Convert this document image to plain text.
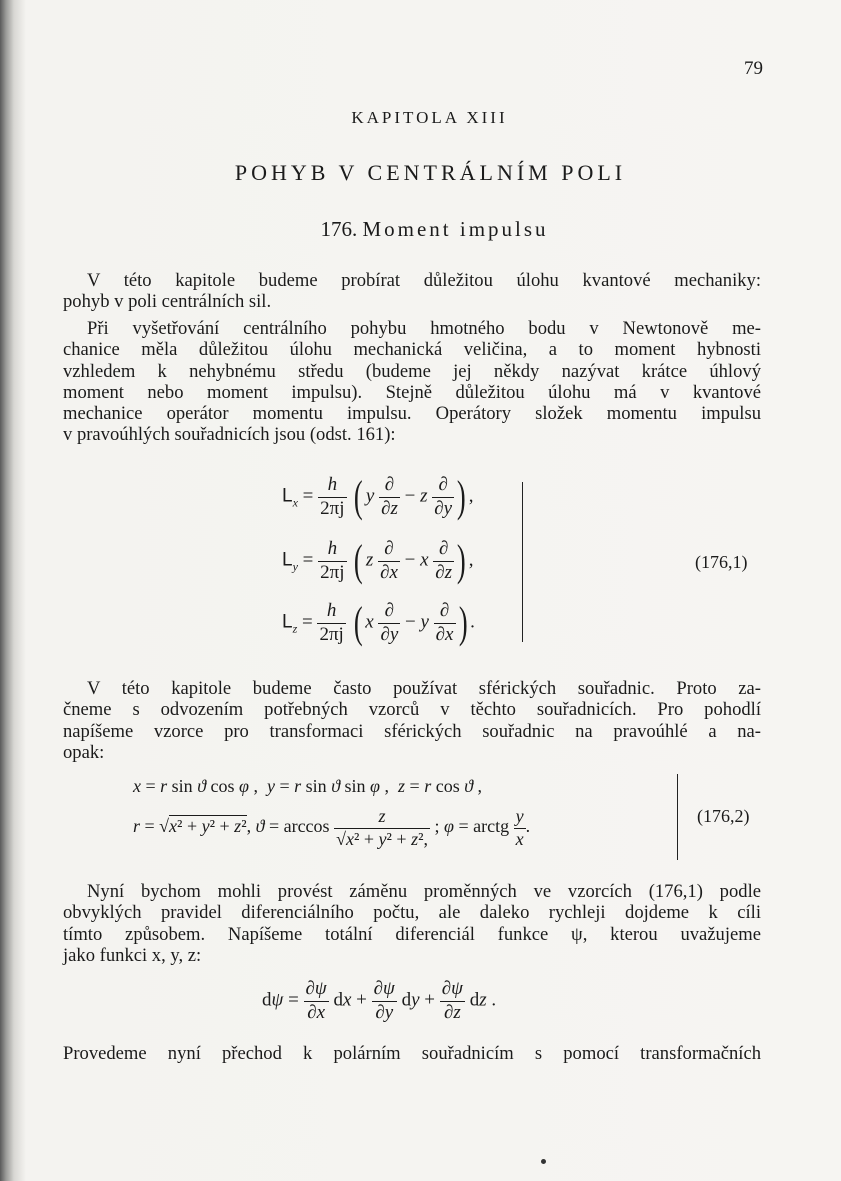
79
KAPITOLA XIII
POHYB V CENTRÁLNÍM POLI
176. Moment impulsu
V této kapitole budeme probírat důležitou úlohu kvantové mechaniky:
pohyb v poli centrálních sil.
Při vyšetřování centrálního pohybu hmotného bodu v Newtonově me-
chanice měla důležitou úlohu mechanická veličina, a to moment hybnosti
vzhledem k nehybnému středu (budeme jej někdy nazývat krátce úhlový
moment nebo moment impulsu). Stejně důležitou úlohu má v kvantové
mechanice operátor momentu impulsu. Operátory složek momentu impulsu
v pravoúhlých souřadnicích jsou (odst. 161):
$L_x = \frac{h}{2\pi j}$ ( y $\frac{\partial}{\partial z} - z \frac{\partial}{\partial y}$ ) ,
$L_y = \frac{h}{2\pi j}$ ( z $\frac{\partial}{\partial x} - x \frac{\partial}{\partial z}$ ) ,
$L_z = \frac{h}{2\pi j}$ ( x $\frac{\partial}{\partial y} - y \frac{\partial}{\partial x}$ ) .
(176,1)
V této kapitole budeme často používat sférických souřadnic. Proto za-
čneme s odvozením potřebných vzorců v těchto souřadnicích. Pro pohodlí
napíšeme vzorce pro transformaci sférických souřadnic na pravoúhlé a na-
opak:
x = r sin ϑ cos φ ,  y = r sin ϑ sin φ ,  z = r cos ϑ ,
r = √x² + y² + z², $ϑ = \arccos \frac{z}{\text{√x² + y² + z²,}}$ ; φ = arctg $\frac{y}{x}$ .
(176,2)
Nyní bychom mohli provést záměnu proměnných ve vzorcích (176,1) podle
obvyklých pravidel diferenciálního počtu, ale daleko rychleji dojdeme k cíli
tímto způsobem. Napíšeme totální diferenciál funkce ψ, kterou uvažujeme
jako funkci x, y, z:
$d\psi = \frac{\partial\psi}{\partial x}$ dx + $\frac{\partial\psi}{\partial y}$ dy + $\frac{\partial\psi}{\partial z}$ dz .
Provedeme nyní přechod k polárním souřadnicím s pomocí transformačních
